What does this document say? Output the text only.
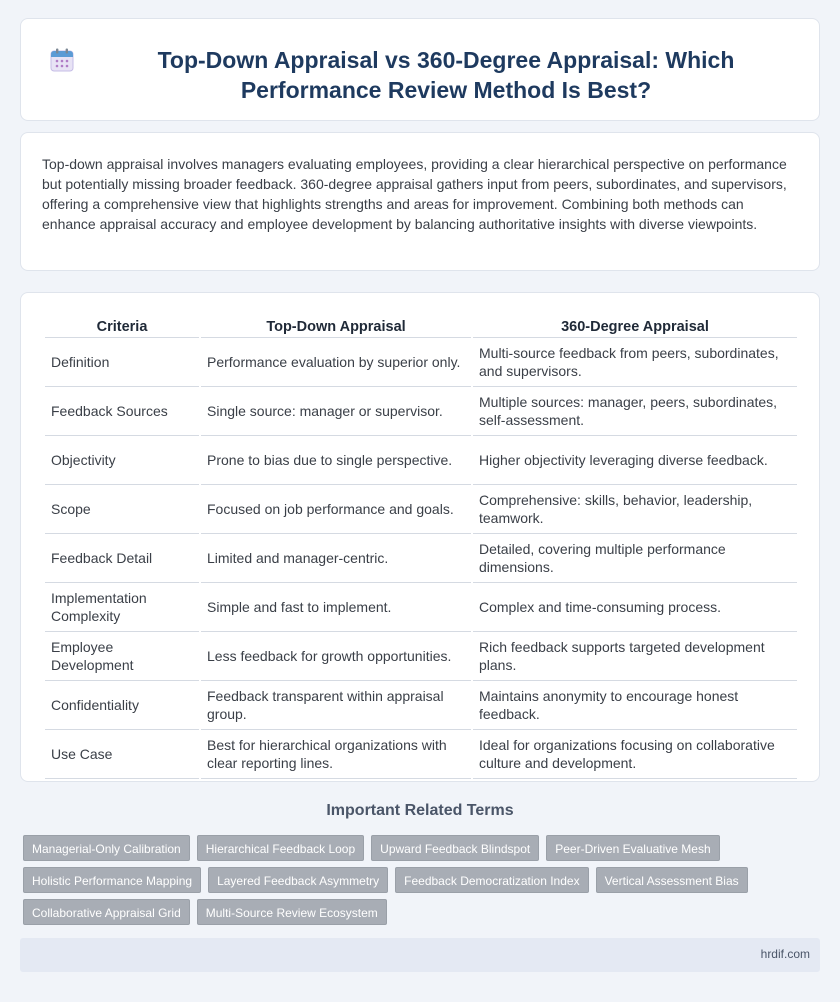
Top-Down Appraisal vs 360-Degree Appraisal: Which Performance Review Method Is Best?

Top-down appraisal involves managers evaluating employees, providing a clear hierarchical perspective on performance but potentially missing broader feedback. 360-degree appraisal gathers input from peers, subordinates, and supervisors, offering a comprehensive view that highlights strengths and areas for improvement. Combining both methods can enhance appraisal accuracy and employee development by balancing authoritative insights with diverse viewpoints.

Criteria	Top-Down Appraisal	360-Degree Appraisal
Definition	Performance evaluation by superior only.	Multi-source feedback from peers, subordinates, and supervisors.
Feedback Sources	Single source: manager or supervisor.	Multiple sources: manager, peers, subordinates, self-assessment.
Objectivity	Prone to bias due to single perspective.	Higher objectivity leveraging diverse feedback.
Scope	Focused on job performance and goals.	Comprehensive: skills, behavior, leadership, teamwork.
Feedback Detail	Limited and manager-centric.	Detailed, covering multiple performance dimensions.
Implementation Complexity	Simple and fast to implement.	Complex and time-consuming process.
Employee Development	Less feedback for growth opportunities.	Rich feedback supports targeted development plans.
Confidentiality	Feedback transparent within appraisal group.	Maintains anonymity to encourage honest feedback.
Use Case	Best for hierarchical organizations with clear reporting lines.	Ideal for organizations focusing on collaborative culture and development.
Important Related Terms
Managerial-Only Calibration	Hierarchical Feedback Loop	Upward Feedback Blindspot	Peer-Driven Evaluative Mesh
Holistic Performance Mapping	Layered Feedback Asymmetry	Feedback Democratization Index	Vertical Assessment Bias
Collaborative Appraisal Grid	Multi-Source Review Ecosystem
hrdif.com
